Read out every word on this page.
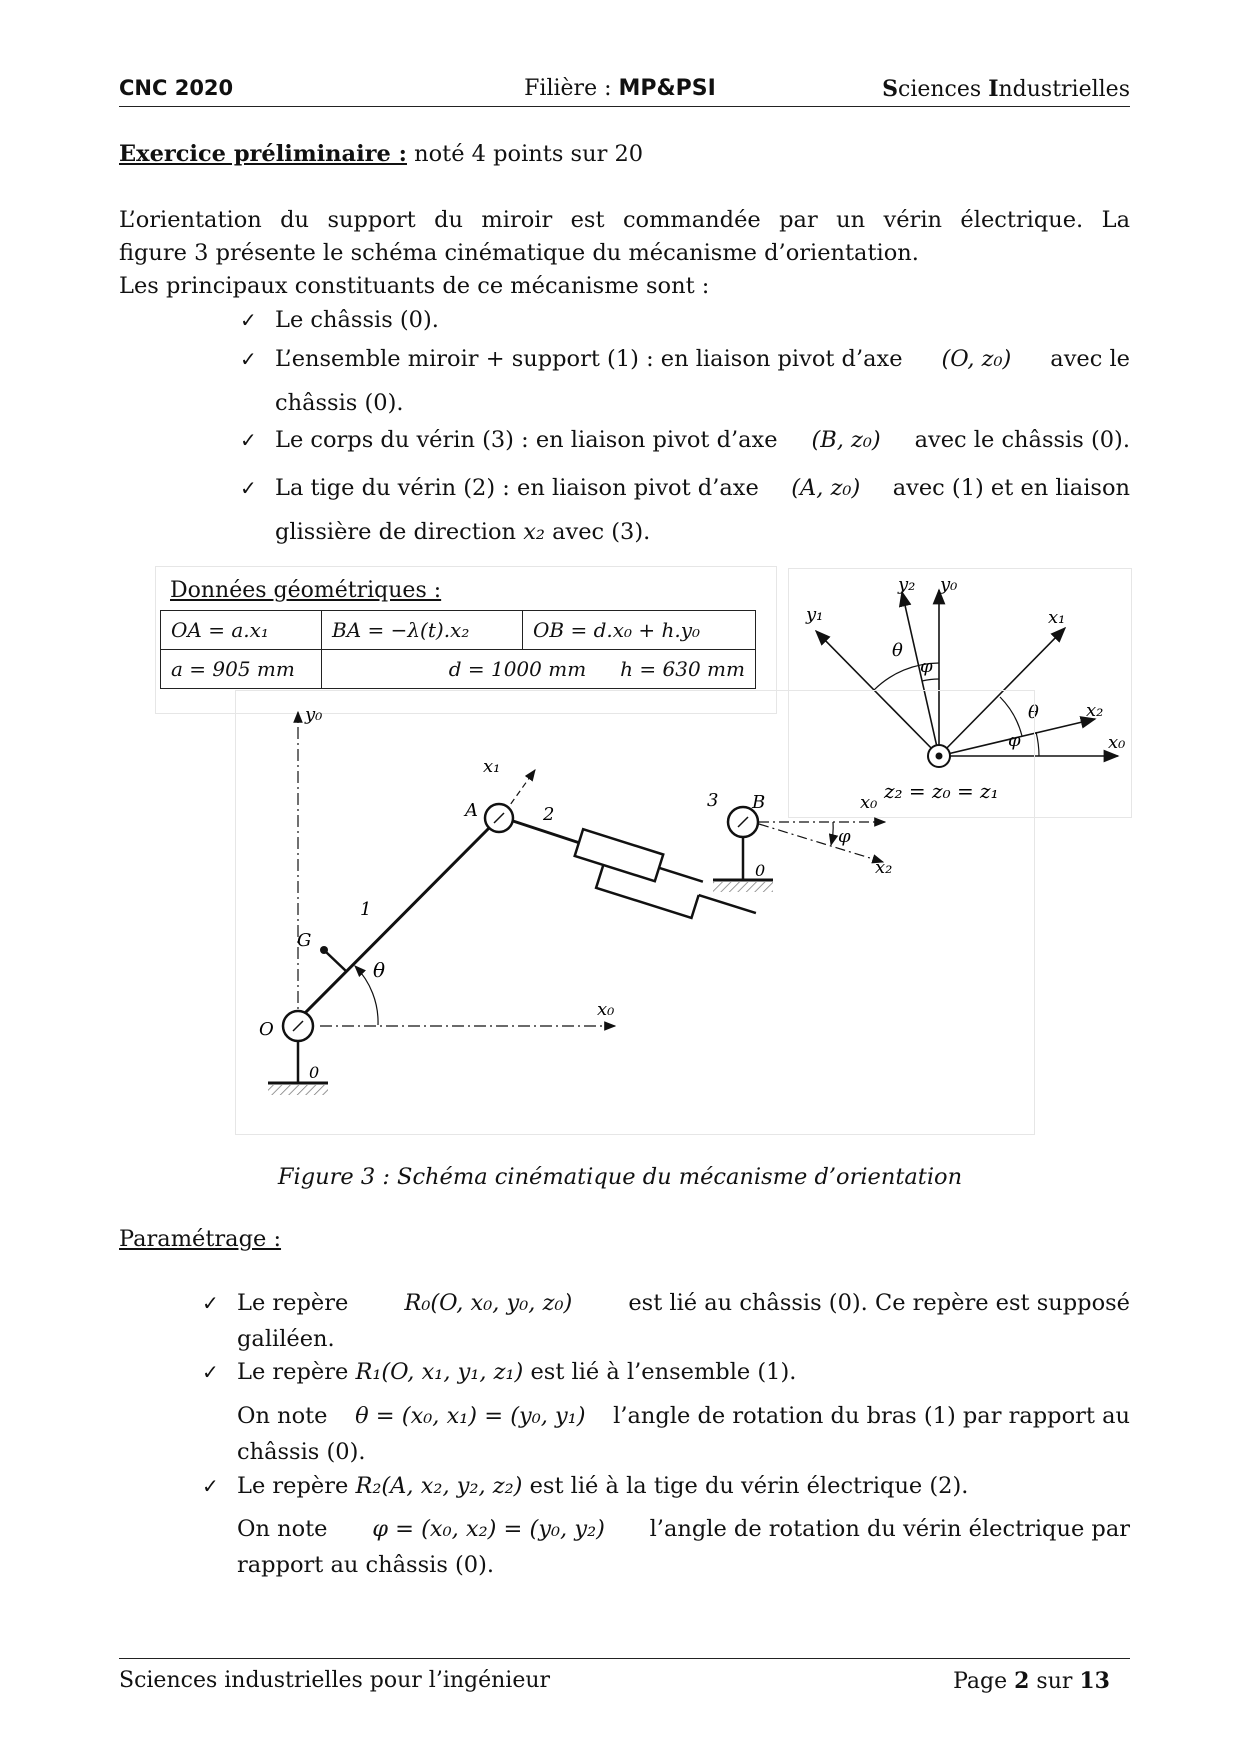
CNC 2020	Filière : MP&PSI	Sciences Industrielles
Exercice préliminaire : noté 4 points sur 20
L’orientation du support du miroir est commandée par un vérin électrique. La
figure 3 présente le schéma cinématique du mécanisme d’orientation.
Les principaux constituants de ce mécanisme sont :
✓ Le châssis (0).
✓ L’ensemble miroir + support (1) : en liaison pivot d’axe (O, z₀) avec le
châssis (0).
✓ Le corps du vérin (3) : en liaison pivot d’axe (B, z₀) avec le châssis (0).
✓ La tige du vérin (2) : en liaison pivot d’axe (A, z₀) avec (1) et en liaison
glissière de direction x₂ avec (3).
Données géométriques :
OA = a.x₁	BA = −λ(t).x₂	OB = d.x₀ + h.y₀
a = 905 mm	d = 1000 mm h = 630 mm	
y₂ y₀
y₁	x₁
θ
φ
x₂
θ
φ	x₀
z₂ = z₀ = z₁
y₀
x₀
G
θ
1
x₁
A	2
3 B
0
x₀
x₂
φ
O
0
Figure 3 : Schéma cinématique du mécanisme d’orientation
Paramétrage :
✓ Le repère R₀(O, x₀, y₀, z₀) est lié au châssis (0). Ce repère est supposé
galiléen.
✓ Le repère R₁(O, x₁, y₁, z₁) est lié à l’ensemble (1).
On note θ = (x₀, x₁) = (y₀, y₁) l’angle de rotation du bras (1) par rapport au
châssis (0).
✓ Le repère R₂(A, x₂, y₂, z₂) est lié à la tige du vérin électrique (2).
On note φ = (x₀, x₂) = (y₀, y₂) l’angle de rotation du vérin électrique par
rapport au châssis (0).
Sciences industrielles pour l’ingénieur	Page 2 sur 13
